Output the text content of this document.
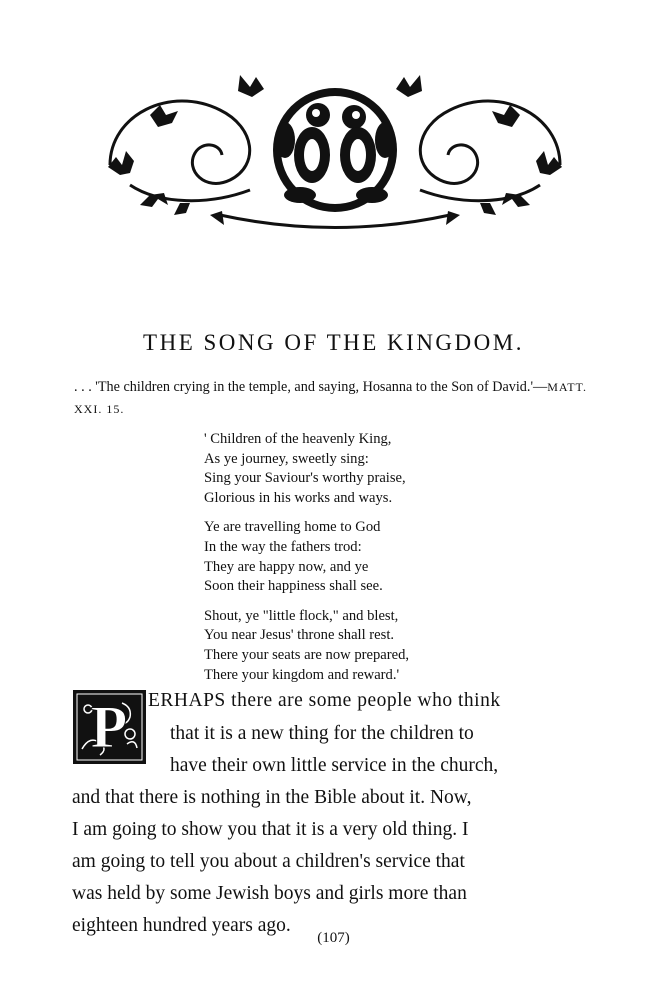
THE SONG OF THE KINGDOM.
. . . 'The children crying in the temple, and saying, Hosanna to the Son of David.'—MATT. XXI. 15.
' Children of the heavenly King,
As ye journey, sweetly sing:
Sing your Saviour's worthy praise,
Glorious in his works and ways.
Ye are travelling home to God
In the way the fathers trod:
They are happy now, and ye
Soon their happiness shall see.
Shout, ye "little flock," and blest,
You near Jesus' throne shall rest.
There your seats are now prepared,
There your kingdom and reward.'
P ERHAPS there are some people who think
that it is a new thing for the children to
have their own little service in the church,
and that there is nothing in the Bible about it. Now,
I am going to show you that it is a very old thing. I
am going to tell you about a children's service that
was held by some Jewish boys and girls more than
eighteen hundred years ago.
(107)
